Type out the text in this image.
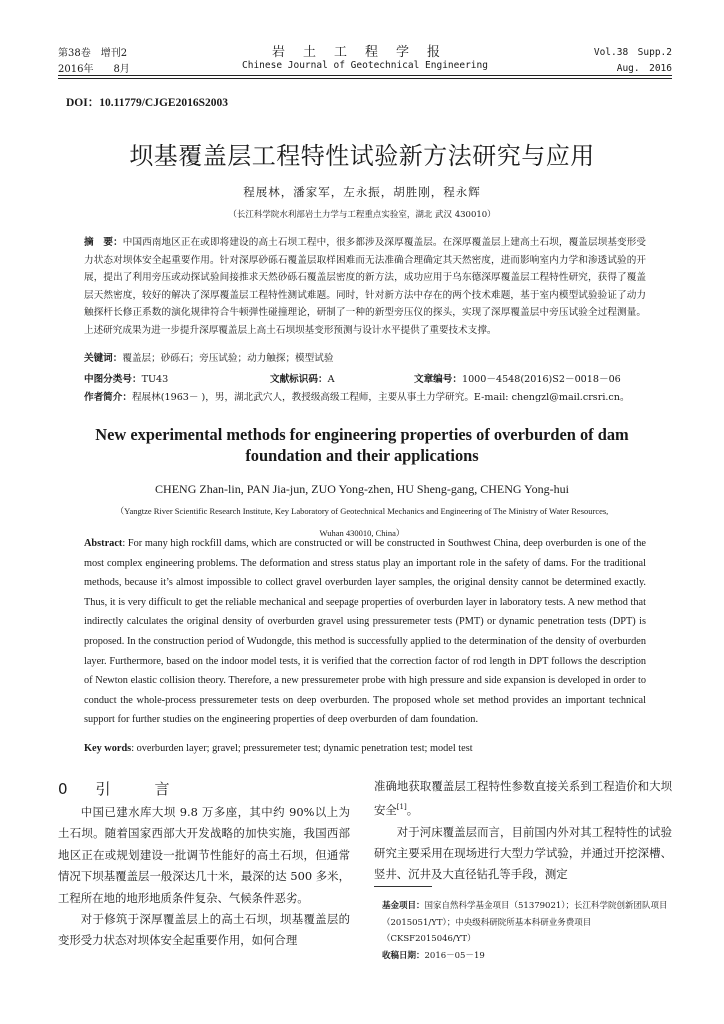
第38卷　增刊2	岩土工程学报	Vol.38　Supp.2
2016年　　8月	Chinese Journal of Geotechnical Engineering	Aug.　2016
DOI：10.11779/CJGE2016S2003
坝基覆盖层工程特性试验新方法研究与应用
程展林，潘家军，左永振，胡胜刚，程永辉
（长江科学院水利部岩土力学与工程重点实验室，湖北 武汉 430010）
摘　要：中国西南地区正在或即将建设的高土石坝工程中，很多都涉及深厚覆盖层。在深厚覆盖层上建高土石坝，覆盖层坝基变形受力状态对坝体安全起重要作用。针对深厚砂砾石覆盖层取样困难而无法准确合理确定其天然密度，进而影响室内力学和渗透试验的开展，提出了利用旁压或动探试验间接推求天然砂砾石覆盖层密度的新方法，成功应用于乌东德深厚覆盖层工程特性研究，获得了覆盖层天然密度，较好的解决了深厚覆盖层工程特性测试难题。同时，针对新方法中存在的两个技术难题，基于室内模型试验验证了动力触探杆长修正系数的演化规律符合牛顿弹性碰撞理论，研制了一种的新型旁压仪的探头，实现了深厚覆盖层中旁压试验全过程测量。上述研究成果为进一步提升深厚覆盖层上高土石坝坝基变形预测与设计水平提供了重要技术支撑。
关键词：覆盖层；砂砾石；旁压试验；动力触探；模型试验
中图分类号：TU43	文献标识码：A	文章编号：1000－4548(2016)S2－0018－06
作者简介：程展林(1963－ )，男，湖北武穴人，教授级高级工程师，主要从事土力学研究。E-mail: chengzl@mail.crsri.cn。
New experimental methods for engineering properties of overburden of dam foundation and their applications
CHENG Zhan-lin, PAN Jia-jun, ZUO Yong-zhen, HU Sheng-gang, CHENG Yong-hui
（Yangtze River Scientific Research Institute, Key Laboratory of Geotechnical Mechanics and Engineering of The Ministry of Water Resources, Wuhan 430010, China）
Abstract: For many high rockfill dams, which are constructed or will be constructed in Southwest China, deep overburden is one of the most complex engineering problems. The deformation and stress status play an important role in the safety of dams. For the traditional methods, because it’s almost impossible to collect gravel overburden layer samples, the original density cannot be determined exactly. Thus, it is very difficult to get the reliable mechanical and seepage properties of overburden layer in laboratory tests. A new method that indirectly calculates the original density of overburden gravel using pressuremeter tests (PMT) or dynamic penetration tests (DPT) is proposed. In the construction period of Wudongde, this method is successfully applied to the determination of the density of overburden layer. Furthermore, based on the indoor model tests, it is verified that the correction factor of rod length in DPT follows the description of Newton elastic collision theory. Therefore, a new pressuremeter probe with high pressure and side expansion is developed in order to conduct the whole-process pressuremeter tests on deep overburden. The proposed whole set method provides an important technical support for further studies on the engineering properties of deep overburden of dam foundation.
Key words: overburden layer; gravel; pressuremeter test; dynamic penetration test; model test
0 引言

中国已建水库大坝 9.8 万多座，其中约 90%以上为土石坝。随着国家西部大开发战略的加快实施，我国西部地区正在或规划建设一批调节性能好的高土石坝，但通常情况下坝基覆盖层一般深达几十米，最深的达 500 多米，工程所在地的地形地质条件复杂、气候条件恶劣。

对于修筑于深厚覆盖层上的高土石坝，坝基覆盖层的变形受力状态对坝体安全起重要作用，如何合理

准确地获取覆盖层工程特性参数直接关系到工程造价和大坝安全[1]。

对于河床覆盖层而言，目前国内外对其工程特性的试验研究主要采用在现场进行大型力学试验，并通过开挖深槽、竖井、沉井及大直径钻孔等手段，测定

基金项目：国家自然科学基金项目（51379021）；长江科学院创新团队项目（2015051/YT）；中央级科研院所基本科研业务费项目（CKSF2015046/YT）

收稿日期：2016－05－19
